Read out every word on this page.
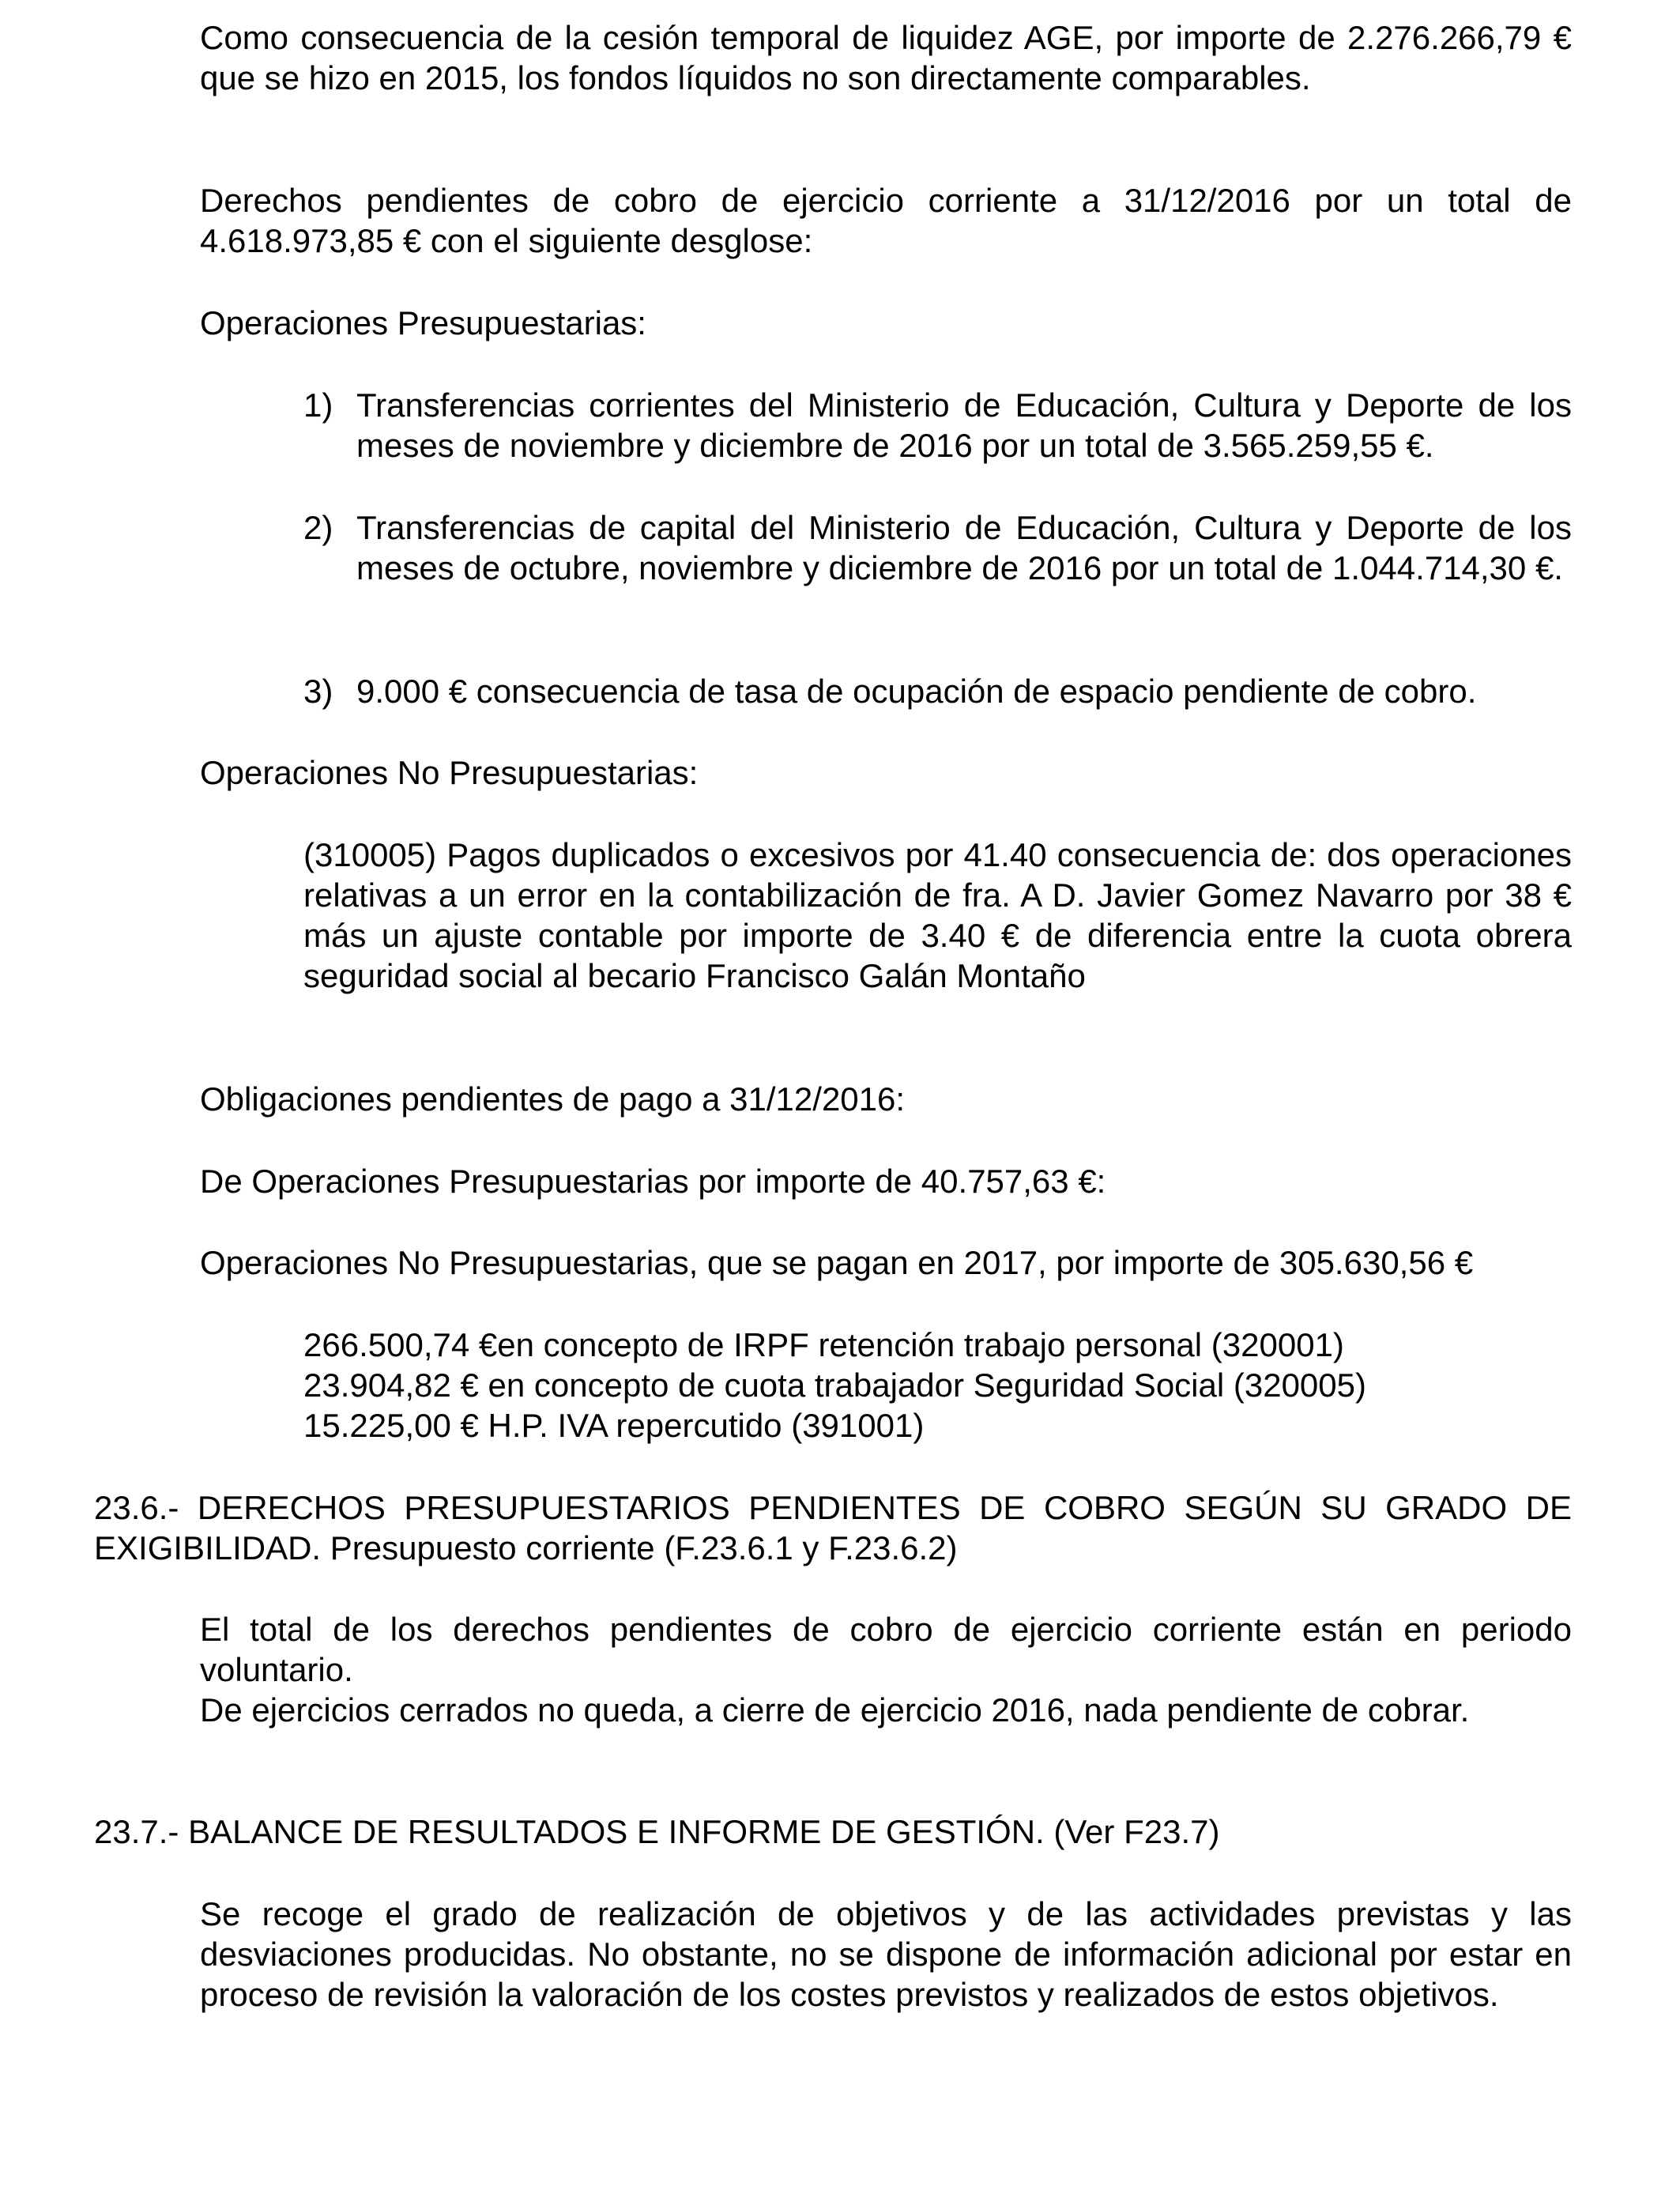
Como consecuencia de la cesión temporal de liquidez AGE, por importe de 2.276.266,79 € que se hizo en 2015, los fondos líquidos no son directamente comparables.

Derechos pendientes de cobro de ejercicio corriente a 31/12/2016 por un total de 4.618.973,85 € con el siguiente desglose:

Operaciones Presupuestarias:

1) Transferencias corrientes del Ministerio de Educación, Cultura y Deporte de los meses de noviembre y diciembre de 2016 por un total de 3.565.259,55 €.

2) Transferencias de capital del Ministerio de Educación, Cultura y Deporte de los meses de octubre, noviembre y diciembre de 2016 por un total de 1.044.714,30 €.

3) 9.000 € consecuencia de tasa de ocupación de espacio pendiente de cobro.

Operaciones No Presupuestarias:

(310005) Pagos duplicados o excesivos por 41.40 consecuencia de: dos operaciones relativas a un error en la contabilización de fra. A D. Javier Gomez Navarro por 38 € más un ajuste contable por importe de 3.40 € de diferencia entre la cuota obrera seguridad social al becario Francisco Galán Montaño

Obligaciones pendientes de pago a 31/12/2016:

De Operaciones Presupuestarias por importe de 40.757,63 €:

Operaciones No Presupuestarias, que se pagan en 2017, por importe de 305.630,56 €

266.500,74 €en concepto de IRPF retención trabajo personal (320001)
23.904,82 € en concepto de cuota trabajador Seguridad Social (320005)
15.225,00 € H.P. IVA repercutido (391001)

23.6.- DERECHOS PRESUPUESTARIOS PENDIENTES DE COBRO SEGÚN SU GRADO DE EXIGIBILIDAD. Presupuesto corriente (F.23.6.1 y F.23.6.2)

El total de los derechos pendientes de cobro de ejercicio corriente están en periodo voluntario.
De ejercicios cerrados no queda, a cierre de ejercicio 2016, nada pendiente de cobrar.

23.7.- BALANCE DE RESULTADOS E INFORME DE GESTIÓN. (Ver F23.7)

Se recoge el grado de realización de objetivos y de las actividades previstas y las desviaciones producidas. No obstante, no se dispone de información adicional por estar en proceso de revisión la valoración de los costes previstos y realizados de estos objetivos.
